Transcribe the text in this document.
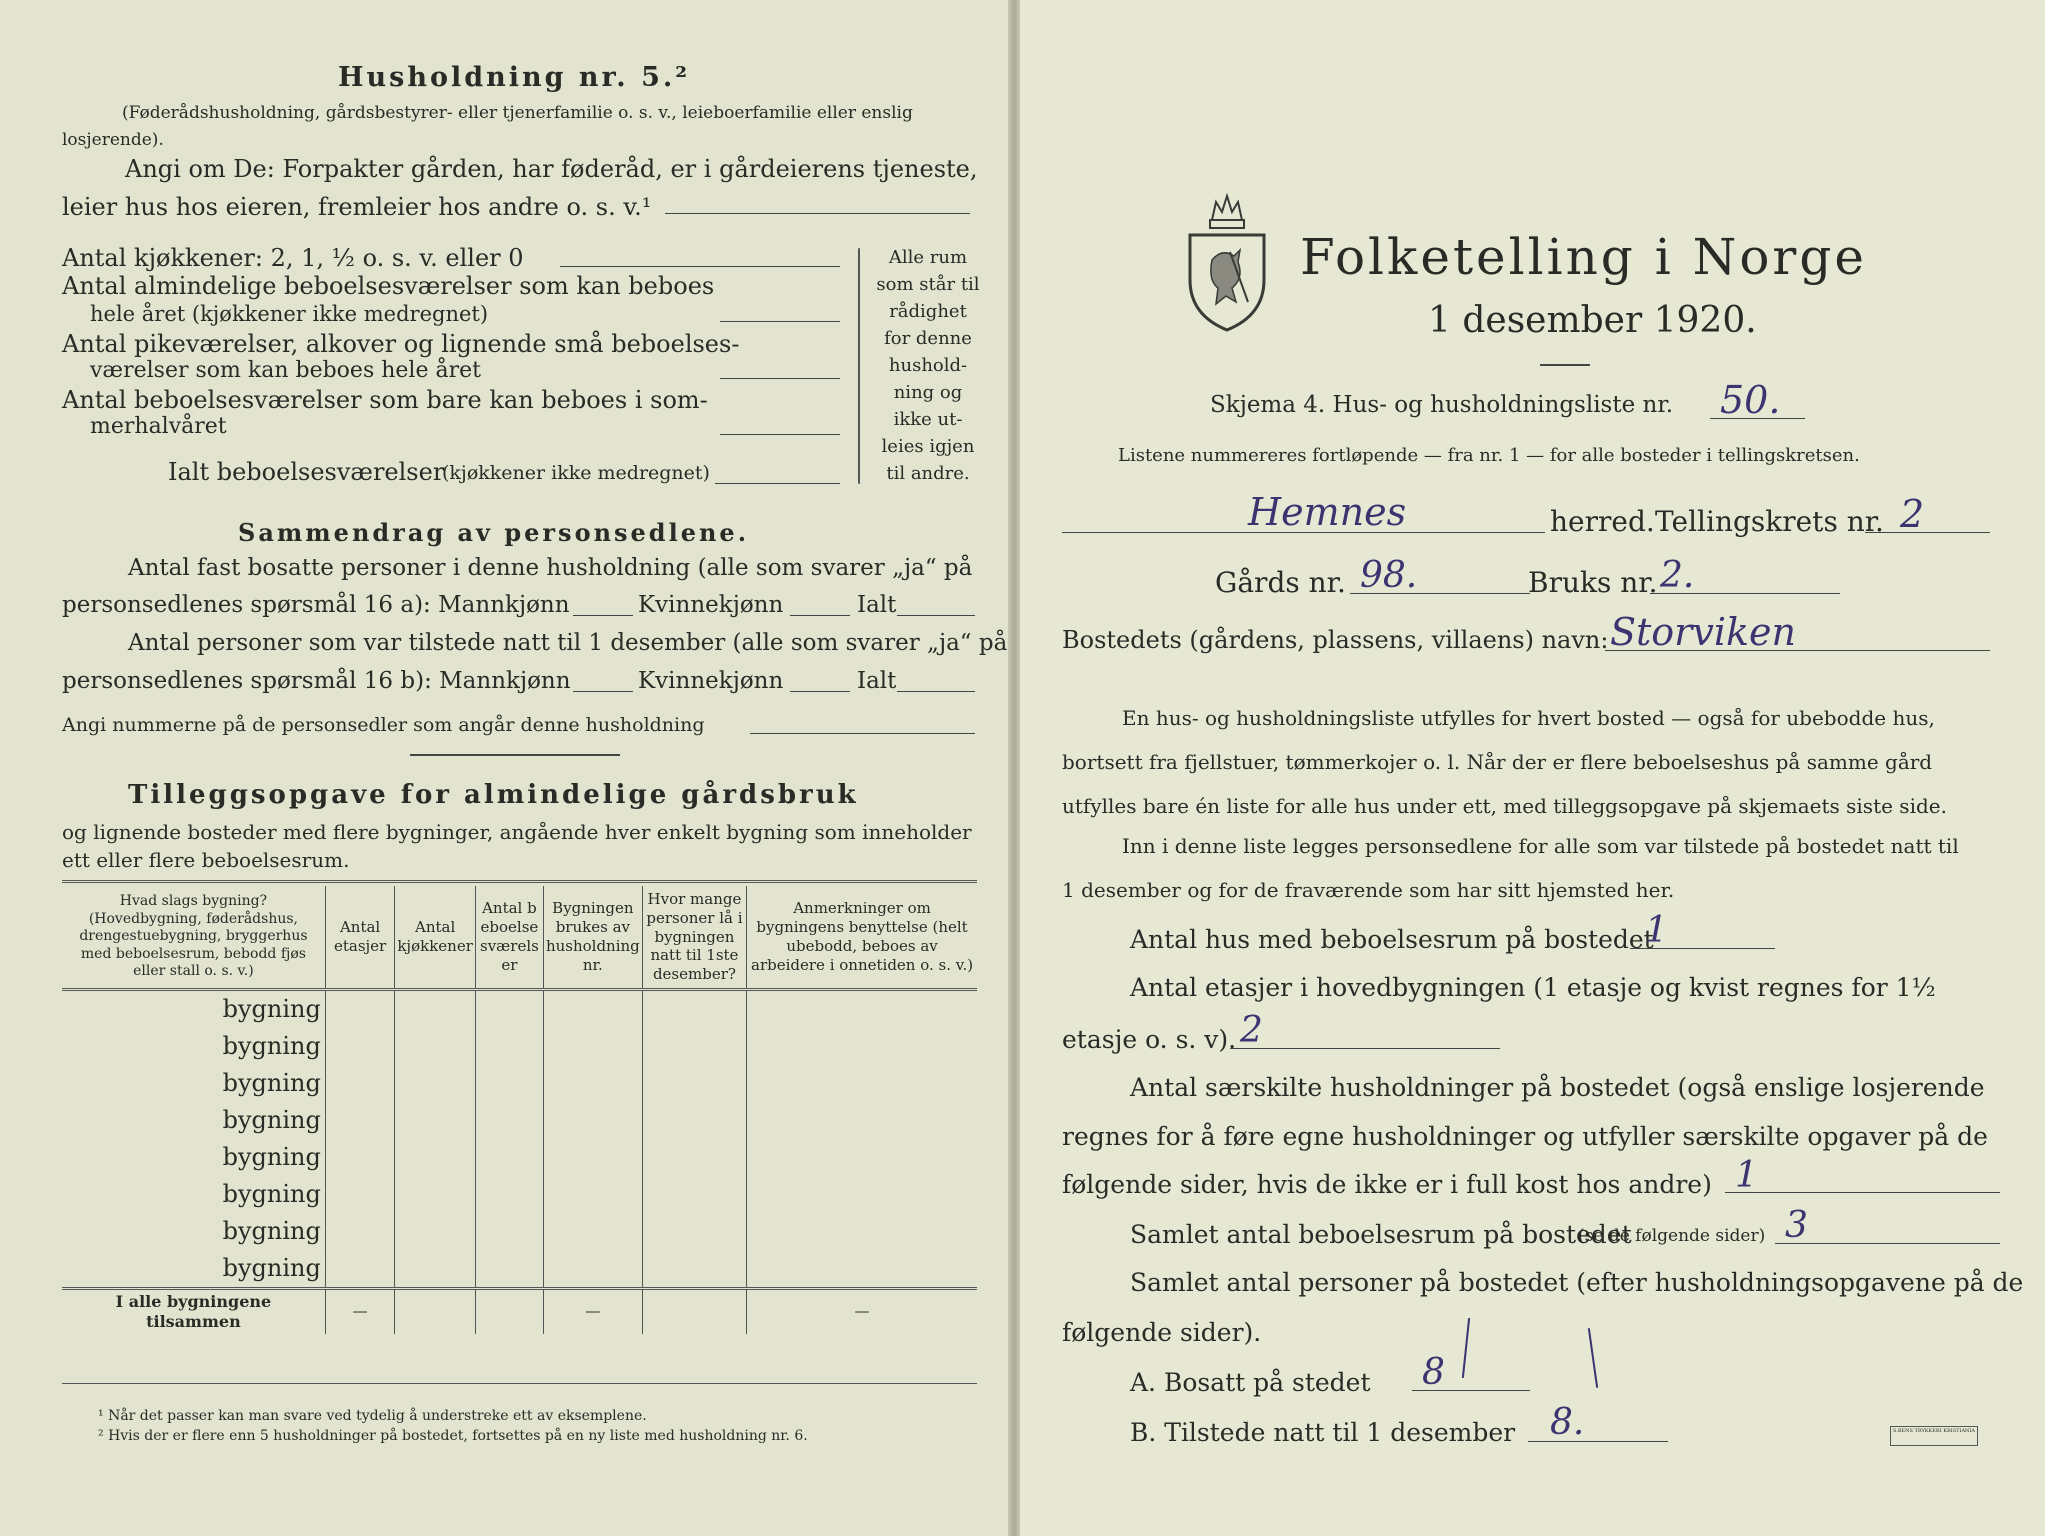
Husholdning nr. 5.²
(Føderådshusholdning, gårdsbestyrer- eller tjenerfamilie o. s. v., leieboerfamilie eller enslig losjerende).
Angi om De: Forpakter gården, har føderåd, er i gårdeierens tjeneste,
leier hus hos eieren, fremleier hos andre o. s. v.¹
Antal kjøkkener: 2, 1, ½ o. s. v. eller 0
Antal almindelige beboelsesværelser som kan beboes
hele året (kjøkkener ikke medregnet)
Antal pikeværelser, alkover og lignende små beboelses-
værelser som kan beboes hele året
Antal beboelsesværelser som bare kan beboes i som-
merhalvåret
Alle rum
som står til
rådighet
for denne
hushold-
ning og
ikke ut-
leies igjen
til andre.
Ialt beboelsesværelser
(kjøkkener ikke medregnet)
Sammendrag av personsedlene.
Antal fast bosatte personer i denne husholdning (alle som svarer „ja“ på
personsedlenes spørsmål 16 a): Mannkjønn	Kvinnekjønn	Ialt
Antal personer som var tilstede natt til 1 desember (alle som svarer „ja“ på
personsedlenes spørsmål 16 b): Mannkjønn	Kvinnekjønn	Ialt
Angi nummerne på de personsedler som angår denne husholdning
Tilleggsopgave for almindelige gårdsbruk
og lignende bosteder med flere bygninger, angående hver enkelt bygning som inneholder
ett eller flere beboelsesrum.
Hvad slags bygning? (Hovedbygning, føderådshus, drengestuebygning, bryggerhus med beboelsesrum, bebodd fjøs eller stall o. s. v.)	Antal etasjer	Antal kjøkkener	Antal beboelsesværelser	Bygningen brukes av husholdning nr.	Hvor mange personer lå i bygningen natt til 1ste desember?	Anmerkninger om bygningens benyttelse (helt ubebodd, beboes av arbeidere i onnetiden o. s. v.)
bygning						
bygning						
bygning						
bygning						
bygning						
bygning						
bygning						
bygning						
I alle bygningene tilsammen	—			—		—
¹ Når det passer kan man svare ved tydelig å understreke ett av eksemplene.
² Hvis der er flere enn 5 husholdninger på bostedet, fortsettes på en ny liste med husholdning nr. 6.
Folketelling i Norge
1 desember 1920.
Skjema 4. Hus- og husholdningsliste nr. 50.
Listene nummereres fortløpende — fra nr. 1 — for alle bosteder i tellingskretsen.
Hemnes	herred. Tellingskrets nr. 2
Gårds nr. 98.	Bruks nr. 2.
Bostedets (gårdens, plassens, villaens) navn: Storviken
En hus- og husholdningsliste utfylles for hvert bosted — også for ubebodde hus,
bortsett fra fjellstuer, tømmerkojer o. l. Når der er flere beboelseshus på samme gård
utfylles bare én liste for alle hus under ett, med tilleggsopgave på skjemaets siste side.
Inn i denne liste legges personsedlene for alle som var tilstede på bostedet natt til
1 desember og for de fraværende som har sitt hjemsted her.
Antal hus med beboelsesrum på bostedet
1
Antal etasjer i hovedbygningen (1 etasje og kvist regnes for 1½
etasje o. s. v). 2
Antal særskilte husholdninger på bostedet (også enslige losjerende
regnes for å føre egne husholdninger og utfyller særskilte opgaver på de
følgende sider, hvis de ikke er i full kost hos andre) 1
Samlet antal beboelsesrum på bostedet
(se de følgende sider) 3
Samlet antal personer på bostedet (efter husholdningsopgavene på de
følgende sider).
A. Bosatt på stedet 8
B. Tilstede natt til 1 desember 8.	S.BENS TRYKKERI KRISTIANIA
